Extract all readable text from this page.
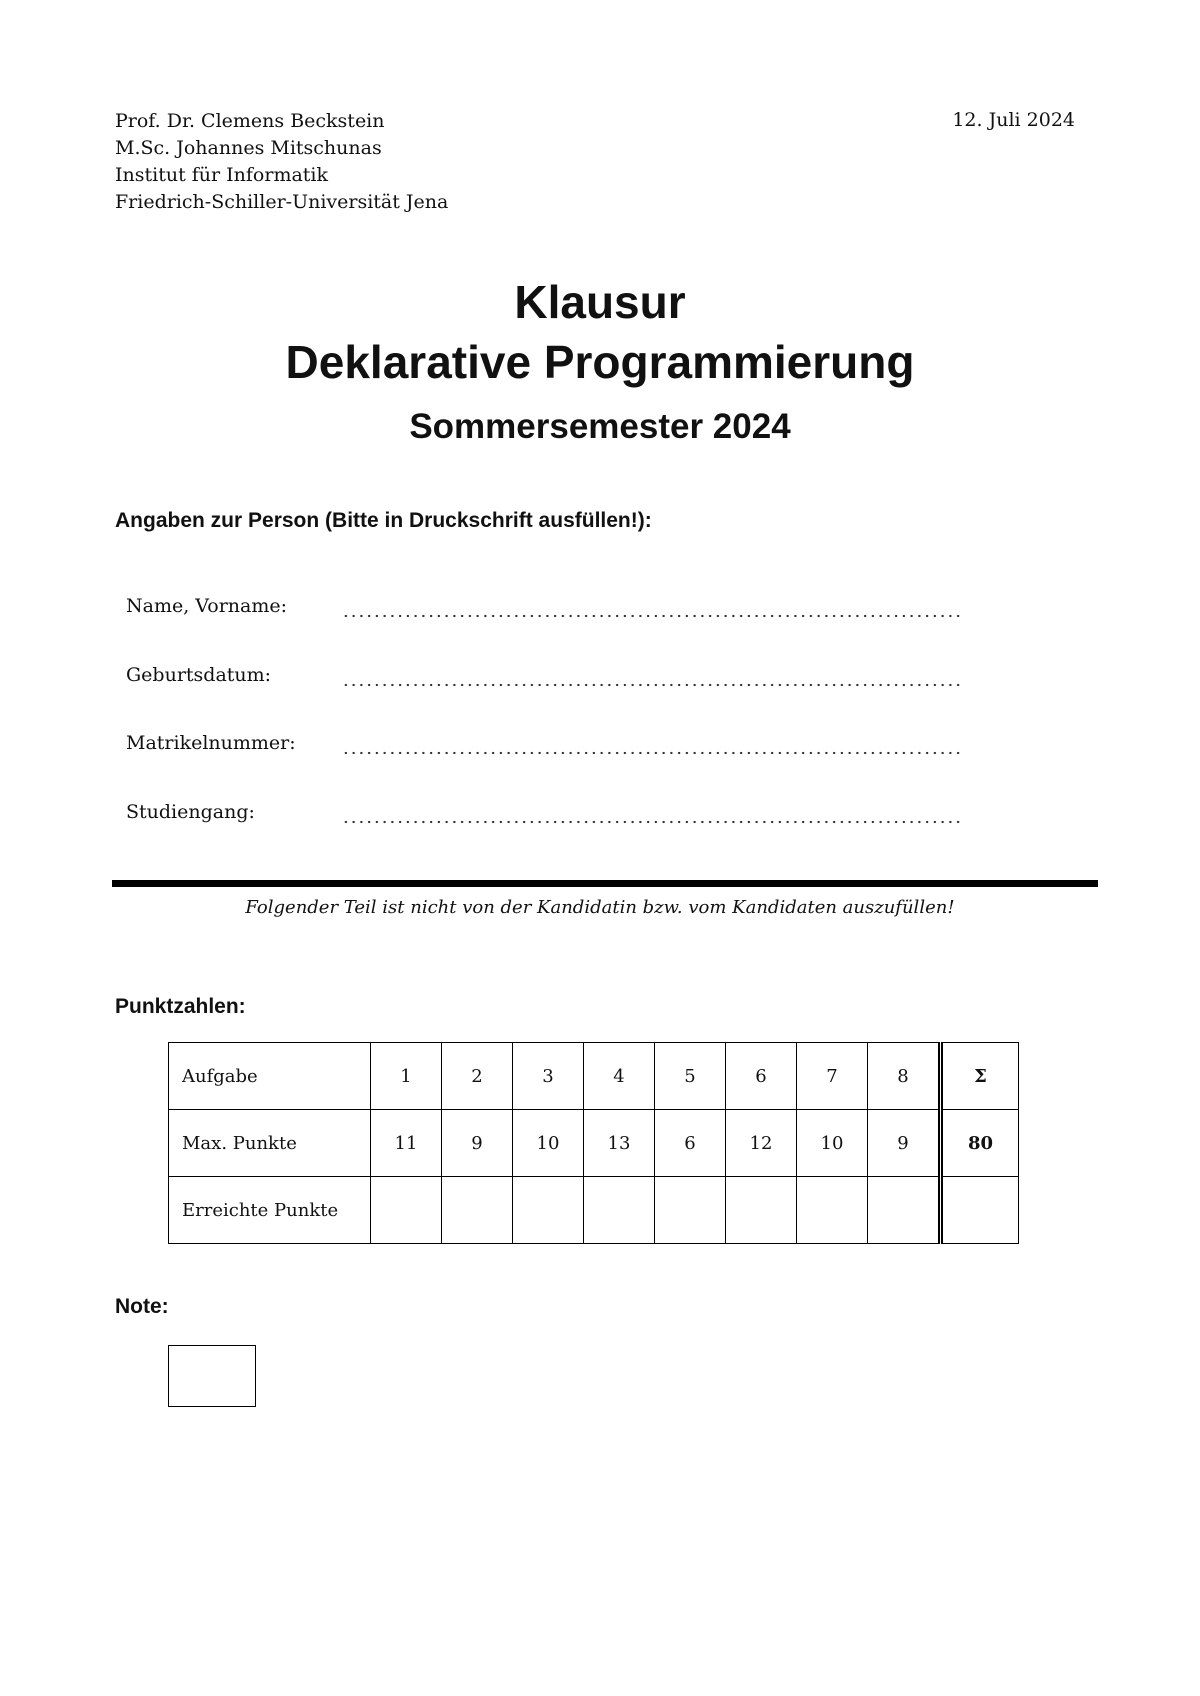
Prof. Dr. Clemens Beckstein
M.Sc. Johannes Mitschunas
Institut für Informatik
Friedrich-Schiller-Universität Jena
12. Juli 2024
Klausur
Deklarative Programmierung
Sommersemester 2024
Angaben zur Person (Bitte in Druckschrift ausfüllen!):
Name, Vorname:
Geburtsdatum:
Matrikelnummer:
Studiengang:
Folgender Teil ist nicht von der Kandidatin bzw. vom Kandidaten auszufüllen!
Punktzahlen:
Aufgabe	1	2	3	4	5	6	7	8	Σ
Max. Punkte	11	9	10	13	6	12	10	9	80
Erreichte Punkte									
Note:
